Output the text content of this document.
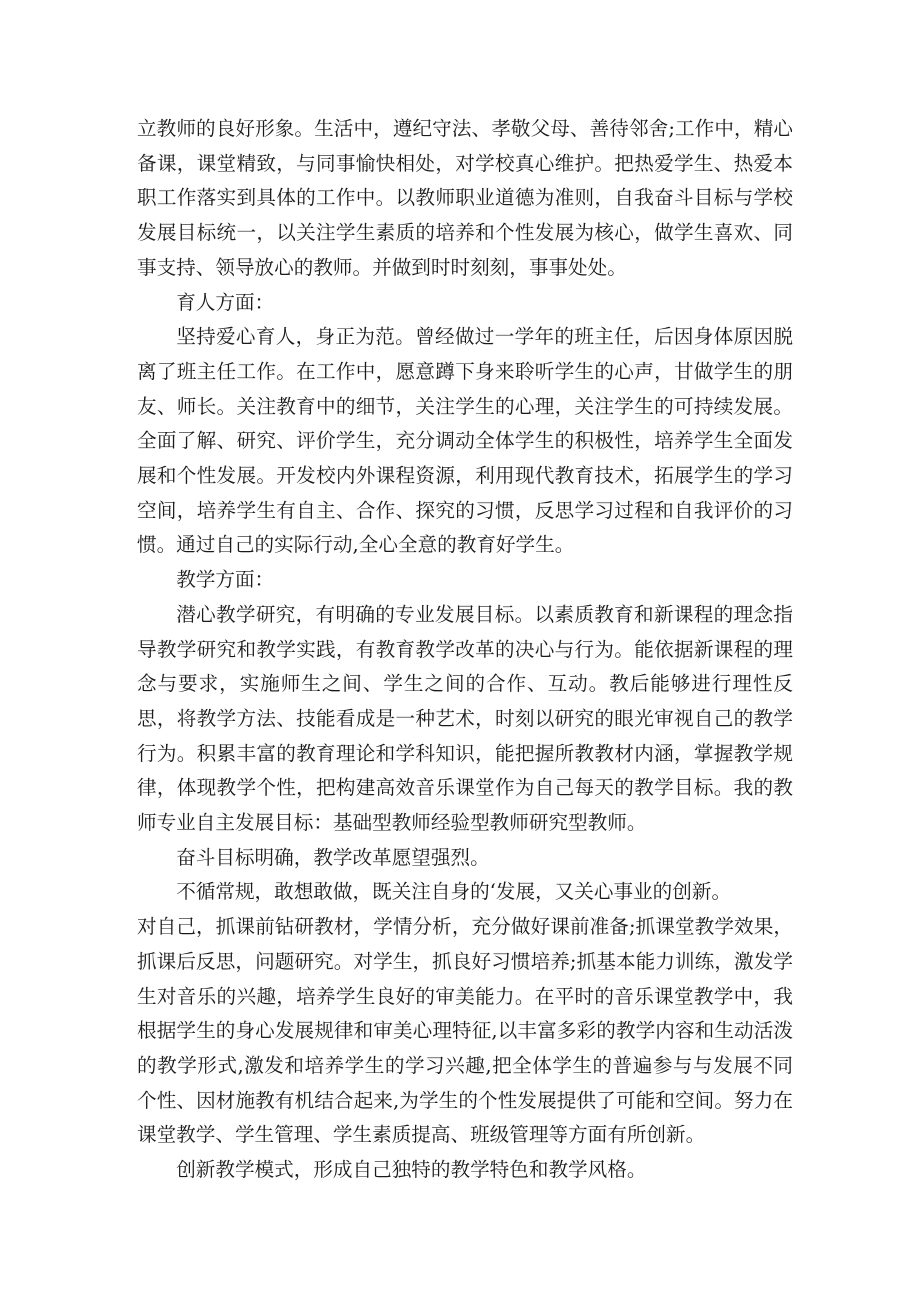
立教师的良好形象。生活中，遵纪守法、孝敬父母、善待邻舍;工作中，精心备课，课堂精致，与同事愉快相处，对学校真心维护。把热爱学生、热爱本职工作落实到具体的工作中。以教师职业道德为准则，自我奋斗目标与学校发展目标统一，以关注学生素质的培养和个性发展为核心，做学生喜欢、同事支持、领导放心的教师。并做到时时刻刻，事事处处。

育人方面：

坚持爱心育人，身正为范。曾经做过一学年的班主任，后因身体原因脱离了班主任工作。在工作中，愿意蹲下身来聆听学生的心声，甘做学生的朋友、师长。关注教育中的细节，关注学生的心理，关注学生的可持续发展。全面了解、研究、评价学生，充分调动全体学生的积极性，培养学生全面发展和个性发展。开发校内外课程资源，利用现代教育技术，拓展学生的学习空间，培养学生有自主、合作、探究的习惯，反思学习过程和自我评价的习惯。通过自己的实际行动,全心全意的教育好学生。

教学方面：

潜心教学研究，有明确的专业发展目标。以素质教育和新课程的理念指导教学研究和教学实践，有教育教学改革的决心与行为。能依据新课程的理念与要求，实施师生之间、学生之间的合作、互动。教后能够进行理性反思，将教学方法、技能看成是一种艺术，时刻以研究的眼光审视自己的教学行为。积累丰富的教育理论和学科知识，能把握所教教材内涵，掌握教学规律，体现教学个性，把构建高效音乐课堂作为自己每天的教学目标。我的教师专业自主发展目标：基础型教师经验型教师研究型教师。

奋斗目标明确，教学改革愿望强烈。

不循常规，敢想敢做，既关注自身的‘发展，又关心事业的创新。

对自己，抓课前钻研教材，学情分析，充分做好课前准备;抓课堂教学效果，抓课后反思，问题研究。对学生，抓良好习惯培养;抓基本能力训练，激发学生对音乐的兴趣，培养学生良好的审美能力。在平时的音乐课堂教学中，我根据学生的身心发展规律和审美心理特征,以丰富多彩的教学内容和生动活泼的教学形式,激发和培养学生的学习兴趣,把全体学生的普遍参与与发展不同个性、因材施教有机结合起来,为学生的个性发展提供了可能和空间。努力在课堂教学、学生管理、学生素质提高、班级管理等方面有所创新。

创新教学模式，形成自己独特的教学特色和教学风格。
